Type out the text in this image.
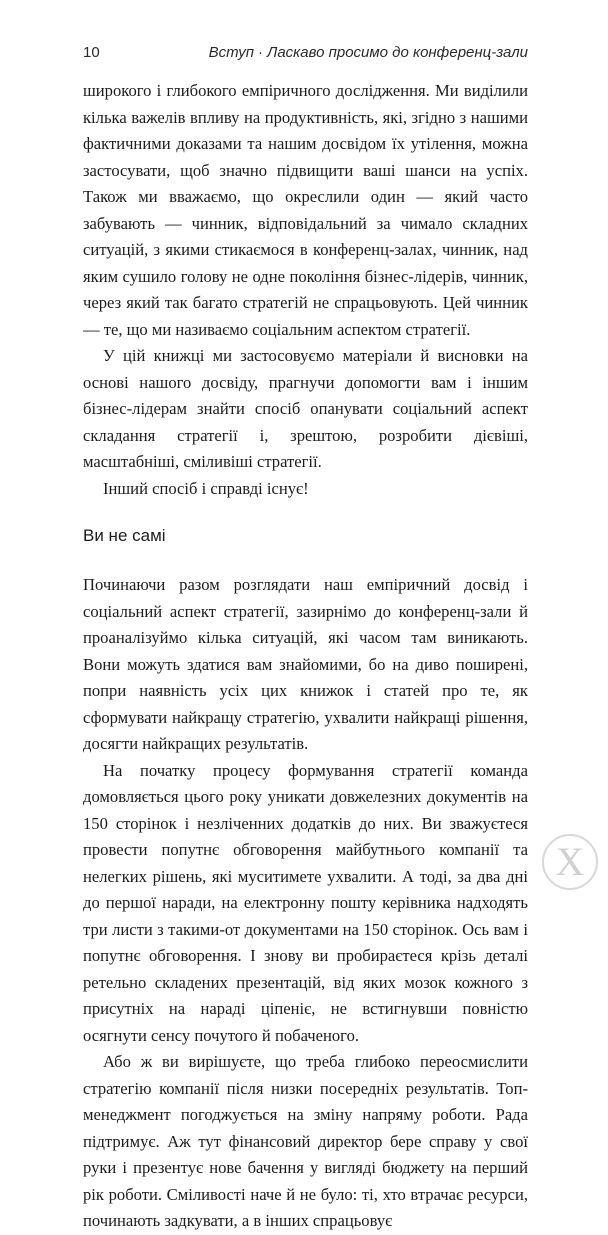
10	Вступ · Ласкаво просимо до конференц-зали

широкого і глибокого емпіричного дослідження. Ми виділили кілька важелів впливу на продуктивність, які, згідно з нашими фактичними доказами та нашим досвідом їх утілення, можна застосувати, щоб значно підвищити ваші шанси на успіх. Також ми вважаємо, що окреслили один — який часто забувають — чинник, відповідальний за чимало складних ситуацій, з якими стикаємося в конференц-залах, чинник, над яким сушило голову не одне покоління бізнес-лідерів, чинник, через який так багато стратегій не спрацьовують. Цей чинник — те, що ми називаємо соціальним аспектом стратегії.

У цій книжці ми застосовуємо матеріали й висновки на основі нашого досвіду, прагнучи допомогти вам і іншим бізнес-лідерам знайти спосіб опанувати соціальний аспект складання стратегії і, зрештою, розробити дієвіші, масштабніші, сміливіші стратегії.

Інший спосіб і справді існує!

Ви не самі

Починаючи разом розглядати наш емпіричний досвід і соціальний аспект стратегії, зазирнімо до конференц-зали й проаналізуймо кілька ситуацій, які часом там виникають. Вони можуть здатися вам знайомими, бо на диво поширені, попри наявність усіх цих книжок і статей про те, як сформувати найкращу стратегію, ухвалити найкращі рішення, досягти найкращих результатів.

На початку процесу формування стратегії команда домовляється цього року уникати довжелезних документів на 150 сторінок і незліченних додатків до них. Ви зважуєтеся провести попутнє обговорення майбутнього компанії та нелегких рішень, які муситимете ухвалити. А тоді, за два дні до першої наради, на електронну пошту керівника надходять три листи з такими-от документами на 150 сторінок. Ось вам і попутнє обговорення. І знову ви пробираєтеся крізь деталі ретельно складених презентацій, від яких мозок кожного з присутніх на нараді ціпеніє, не встигнувши повністю осягнути сенсу почутого й побаченого.

Або ж ви вирішуєте, що треба глибоко переосмислити стратегію компанії після низки посередніх результатів. Топ-менеджмент погоджується на зміну напряму роботи. Рада підтримує. Аж тут фінансовий директор бере справу у свої руки і презентує нове бачення у вигляді бюджету на перший рік роботи. Сміливості наче й не було: ті, хто втрачає ресурси, починають задкувати, а в інших спрацьовує

X
